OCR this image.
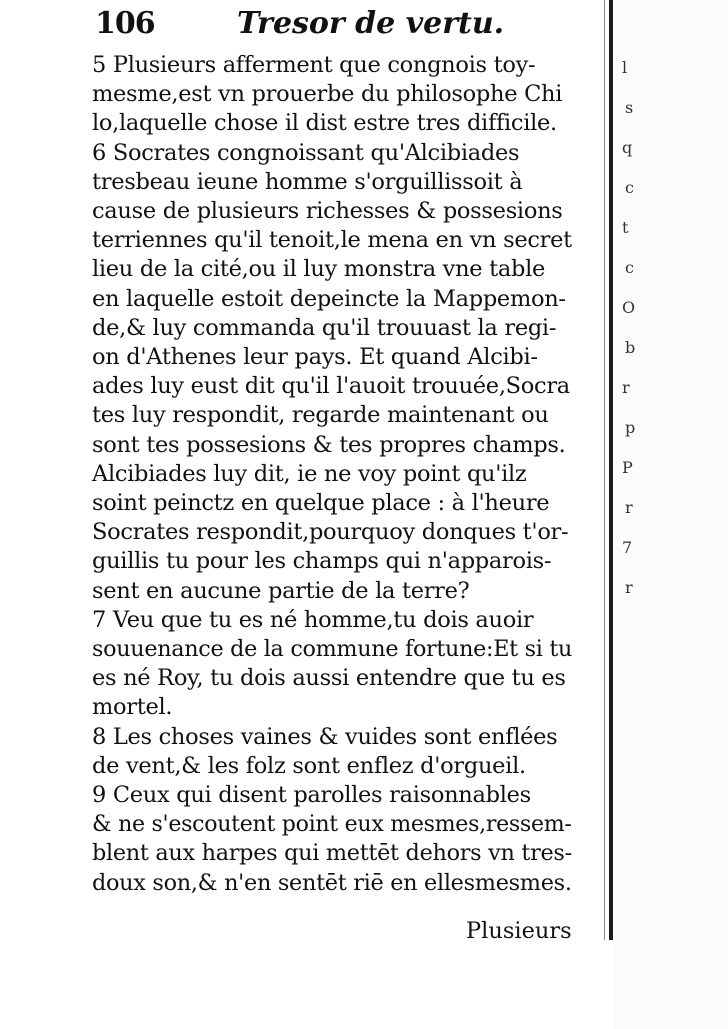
l
s
q
c
t
c
O
b
r
p
P
r
7
r
106	Tresor de vertu.
5 Plusieurs afferment que congnois toy-
mesme,est vn prouerbe du philosophe Chi
lo,laquelle chose il dist estre tres difficile.
6 Socrates congnoissant qu'Alcibiades
tresbeau ieune homme s'orguillissoit à
cause de plusieurs richesses & possesions
terriennes qu'il tenoit,le mena en vn secret
lieu de la cité,ou il luy monstra vne table
en laquelle estoit depeincte la Mappemon-
de,& luy commanda qu'il trouuast la regi-
on d'Athenes leur pays. Et quand Alcibi-
ades luy eust dit qu'il l'auoit trouuée,Socra
tes luy respondit, regarde maintenant ou
sont tes possesions & tes propres champs.
Alcibiades luy dit, ie ne voy point qu'ilz
soint peinctz en quelque place : à l'heure
Socrates respondit,pourquoy donques t'or-
guillis tu pour les champs qui n'apparois-
sent en aucune partie de la terre?
7 Veu que tu es né homme,tu dois auoir
souuenance de la commune fortune:Et si tu
es né Roy, tu dois aussi entendre que tu es
mortel.
8 Les choses vaines & vuides sont enflées
de vent,& les folz sont enflez d'orgueil.
9 Ceux qui disent parolles raisonnables
& ne s'escoutent point eux mesmes,ressem-
blent aux harpes qui mettēt dehors vn tres-
doux son,& n'en sentēt riē en ellesmesmes.
Plusieurs
